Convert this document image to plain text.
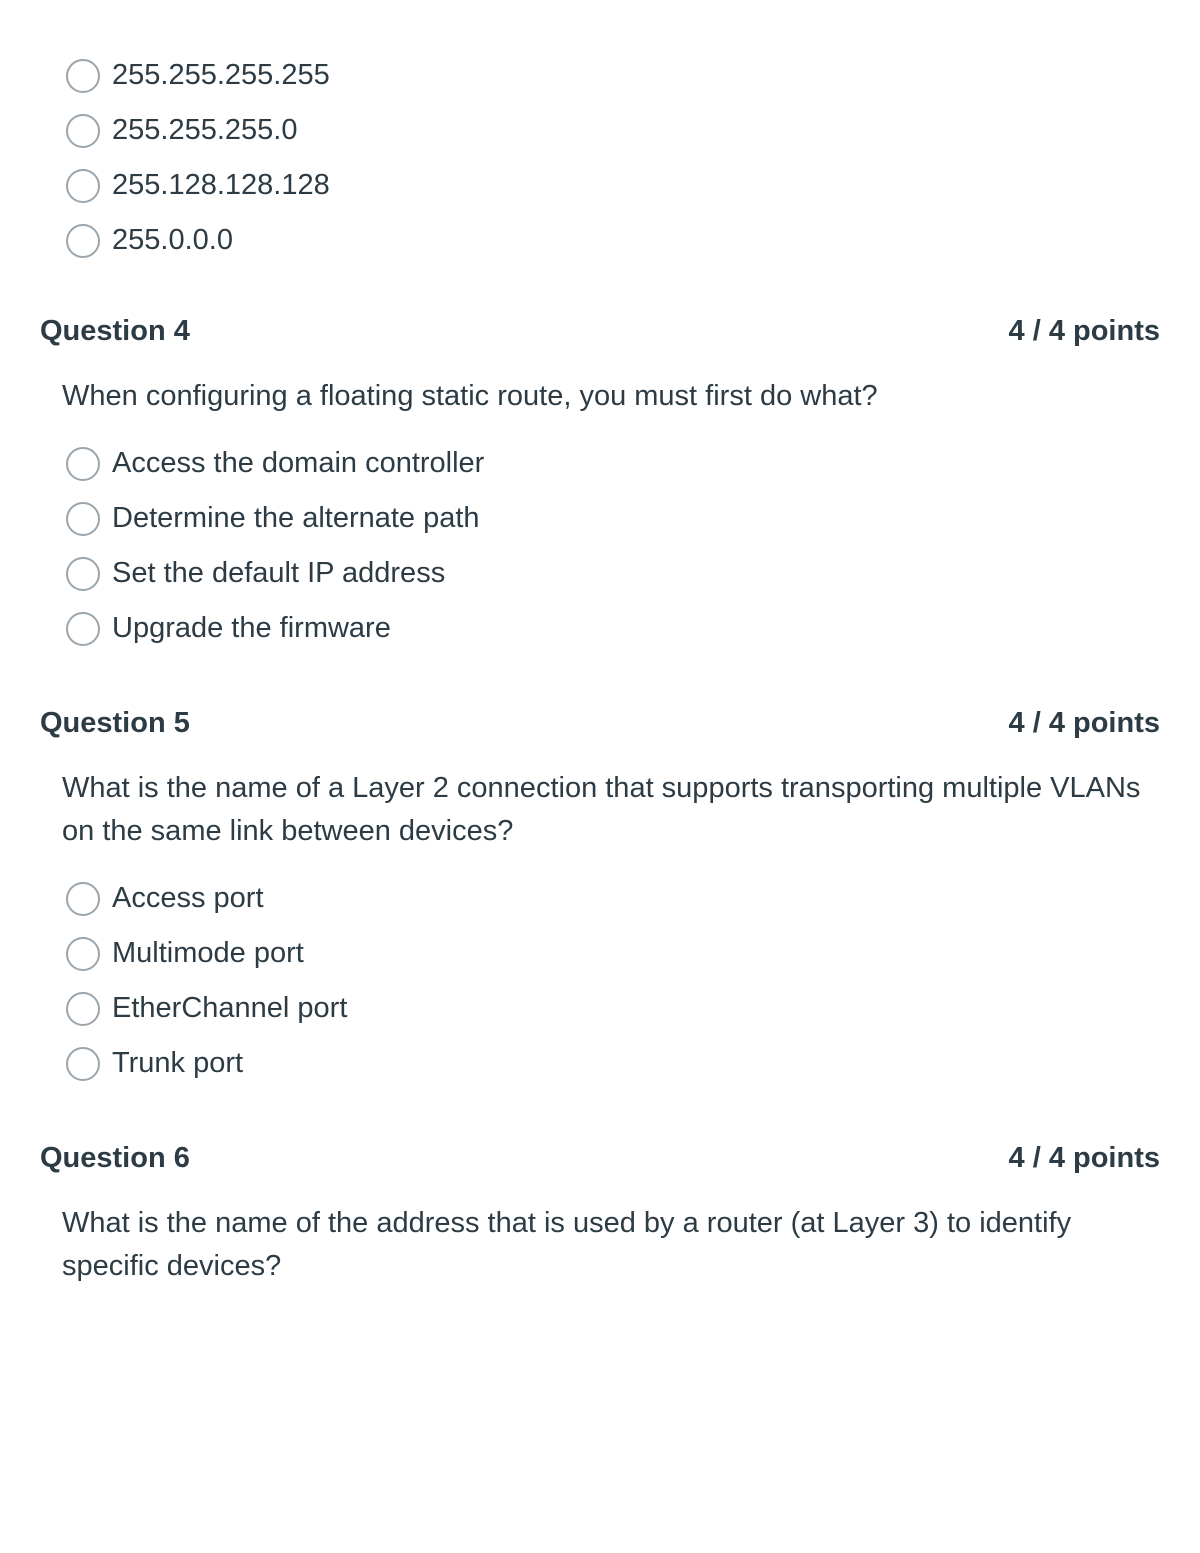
255.255.255.255
255.255.255.0
255.128.128.128
255.0.0.0
Question 4	4 / 4 points
When configuring a floating static route, you must first do what?
Access the domain controller
Determine the alternate path
Set the default IP address
Upgrade the firmware
Question 5	4 / 4 points
What is the name of a Layer 2 connection that supports transporting multiple VLANs on the same link between devices?
Access port
Multimode port
EtherChannel port
Trunk port
Question 6	4 / 4 points
What is the name of the address that is used by a router (at Layer 3) to identify specific devices?
